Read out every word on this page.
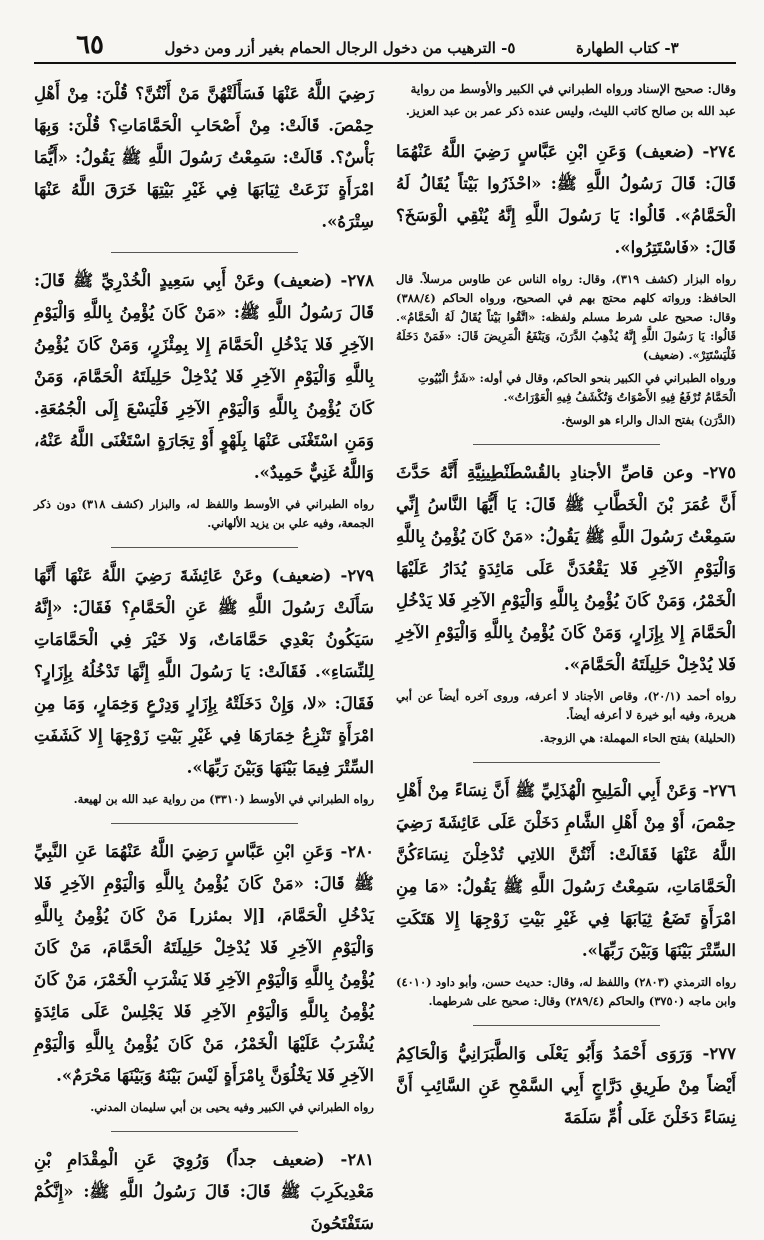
٦٥	٥- الترهيب من دخول الرجال الحمام بغير أزر ومن دخول	٣- كتاب الطهارة

رَضِيَ اللَّهُ عَنْهَا فَسَأَلَتْهُنَّ مَنْ أَنْتُنَّ؟ قُلْنَ: مِنْ أَهْلِ حِمْصَ. قَالَتْ: مِنْ أَصْحَابِ الْحَمَّامَاتِ؟ قُلْنَ: وَبِهَا بَأْسٌ؟. قَالَتْ: سَمِعْتُ رَسُولَ اللَّهِ ﷺ يَقُولُ: «أَيُّمَا امْرَأَةٍ نَزَعَتْ ثِيَابَهَا فِي غَيْرِ بَيْتِهَا خَرَقَ اللَّهُ عَنْهَا سِتْرَهُ».

٢٧٨- (ضعيف) وعَنْ أَبِي سَعِيدٍ الْخُدْرِيِّ ﷺ قَالَ: قَالَ رَسُولُ اللَّهِ ﷺ: «مَنْ كَانَ يُؤْمِنُ بِاللَّهِ وَالْيَوْمِ الآخِرِ فَلا يَدْخُلِ الْحَمَّامَ إِلا بِمِئْزَرٍ، وَمَنْ كَانَ يُؤْمِنُ بِاللَّهِ وَالْيَوْمِ الآخِرِ فَلا يُدْخِلْ حَلِيلَتَهُ الْحَمَّامَ، وَمَنْ كَانَ يُؤْمِنُ بِاللَّهِ وَالْيَوْمِ الآخِرِ فَلْيَسْعَ إِلَى الْجُمُعَةِ. وَمَنِ اسْتَغْنَى عَنْهَا بِلَهْوٍ أَوْ تِجَارَةٍ اسْتَغْنَى اللَّهُ عَنْهُ، وَاللَّهُ غَنِيٌّ حَمِيدٌ».

رواه الطبراني في الأوسط واللفظ له، والبزار (كشف ٣١٨) دون ذكر الجمعة، وفيه علي بن يزيد الألهاني.

٢٧٩- (ضعيف) وعَنْ عَائِشَةَ رَضِيَ اللَّهُ عَنْهَا أَنَّهَا سَأَلَتْ رَسُولَ اللَّهِ ﷺ عَنِ الْحَمَّامِ؟ فَقَالَ: «إِنَّهُ سَيَكُونُ بَعْدِي حَمَّامَاتٌ، وَلا خَيْرَ فِي الْحَمَّامَاتِ لِلنِّسَاءِ». فَقَالَتْ: يَا رَسُولَ اللَّهِ إِنَّهَا تَدْخُلُهُ بِإِزَارٍ؟ فَقَالَ: «لا، وَإِنْ دَخَلَتْهُ بِإِزَارٍ وَدِرْعٍ وَخِمَارٍ، وَمَا مِنِ امْرَأَةٍ تَنْزِعُ خِمَارَهَا فِي غَيْرِ بَيْتِ زَوْجِهَا إِلا كَشَفَتِ السِّتْرَ فِيمَا بَيْنَهَا وَبَيْنَ رَبِّهَا».

رواه الطبراني في الأوسط (٣٣١٠) من رواية عبد الله بن لهيعة.

٢٨٠- وَعَنِ ابْنِ عَبَّاسٍ رَضِيَ اللَّهُ عَنْهُمَا عَنِ النَّبِيِّ ﷺ قَالَ: «مَنْ كَانَ يُؤْمِنُ بِاللَّهِ وَالْيَوْمِ الآخِرِ فَلا يَدْخُلِ الْحَمَّامَ، [إلا بمئزر] مَنْ كَانَ يُؤْمِنُ بِاللَّهِ وَالْيَوْمِ الآخِرِ فَلا يُدْخِلْ حَلِيلَتَهُ الْحَمَّامَ، مَنْ كَانَ يُؤْمِنُ بِاللَّهِ وَالْيَوْمِ الآخِرِ فَلا يَشْرَبِ الْخَمْرَ، مَنْ كَانَ يُؤْمِنُ بِاللَّهِ وَالْيَوْمِ الآخِرِ فَلا يَجْلِسْ عَلَى مَائِدَةٍ يُشْرَبُ عَلَيْهَا الْخَمْرُ، مَنْ كَانَ يُؤْمِنُ بِاللَّهِ وَالْيَوْمِ الآخِرِ فَلا يَخْلُوَنَّ بِامْرَأَةٍ لَيْسَ بَيْنَهُ وَبَيْنَهَا مَحْرَمٌ».

رواه الطبراني في الكبير وفيه يحيى بن أبي سليمان المدني.

٢٨١- (ضعيف جداً) وَرُوِيَ عَنِ الْمِقْدَامِ بْنِ مَعْدِيكَرِبَ ﷺ قَالَ: قَالَ رَسُولُ اللَّهِ ﷺ: «إِنَّكُمْ سَتَفْتَحُونَ

وقال: صحيح الإسناد ورواه الطبراني في الكبير والأوسط من رواية عبد الله بن صالح كاتب الليث، وليس عنده ذكر عمر بن عبد العزيز.

٢٧٤- (ضعيف) وَعَنِ ابْنِ عَبَّاسٍ رَضِيَ اللَّهُ عَنْهُمَا قَالَ: قَالَ رَسُولُ اللَّهِ ﷺ: «احْذَرُوا بَيْتاً يُقَالُ لَهُ الْحَمَّامُ». قَالُوا: يَا رَسُولَ اللَّهِ إِنَّهُ يُنْقِي الْوَسَخَ؟ قَالَ: «فَاسْتَتِرُوا».

رواه البزار (كشف ٣١٩)، وقال: رواه الناس عن طاوس مرسلاً. قال الحافظ: ورواته كلهم محتج بهم في الصحيح، ورواه الحاكم (٣٨٨/٤) وقال: صحيح على شرط مسلم ولفظه: «اتَّقُوا بَيْتاً يُقَالُ لَهُ الْحَمَّامُ». قَالُوا: يَا رَسُولَ اللَّهِ إِنَّهُ يُذْهِبُ الدَّرَنَ، وَيَنْفَعُ الْمَرِيضَ قَالَ: «فَمَنْ دَخَلَهُ فَلْيَسْتَتِرْ». (ضعيف)

ورواه الطبراني في الكبير بنحو الحاكم، وقال في أوله: «شَرُّ الْبُيُوتِ الْحَمَّامُ تُرْفَعُ فِيهِ الأَصْوَاتُ وَتُكْشَفُ فِيهِ الْعَوْرَاتُ».

(الدَّرَن) بفتح الدال والراء هو الوسخ.

٢٧٥- وعن قاصِّ الأجنادِ بالقُسْطَنْطِينِيَّةِ أَنَّهُ حَدَّثَ أَنَّ عُمَرَ بْنَ الْخَطَّابِ ﷺ قَالَ: يَا أَيُّهَا النَّاسُ إِنِّي سَمِعْتُ رَسُولَ اللَّهِ ﷺ يَقُولُ: «مَنْ كَانَ يُؤْمِنُ بِاللَّهِ وَالْيَوْمِ الآخِرِ فَلا يَقْعُدَنَّ عَلَى مَائِدَةٍ يُدَارُ عَلَيْهَا الْخَمْرُ، وَمَنْ كَانَ يُؤْمِنُ بِاللَّهِ وَالْيَوْمِ الآخِرِ فَلا يَدْخُلِ الْحَمَّامَ إِلا بِإِزَارٍ، وَمَنْ كَانَ يُؤْمِنُ بِاللَّهِ وَالْيَوْمِ الآخِرِ فَلا يُدْخِلْ حَلِيلَتَهُ الْحَمَّامَ».

رواه أحمد (٢٠/١)، وقاص الأجناد لا أعرفه، وروى آخره أيضاً عن أبي هريرة، وفيه أبو خيرة لا أعرفه أيضاً.

(الحليلة) بفتح الحاء المهملة: هي الزوجة.

٢٧٦- وَعَنْ أَبِي الْمَلِيحِ الْهُذَلِيِّ ﷺ أَنَّ نِسَاءً مِنْ أَهْلِ حِمْصَ، أَوْ مِنْ أَهْلِ الشَّامِ دَخَلْنَ عَلَى عَائِشَةَ رَضِيَ اللَّهُ عَنْهَا فَقَالَتْ: أَنْتُنَّ اللاتِي تُدْخِلْنَ نِسَاءَكُنَّ الْحَمَّامَاتِ، سَمِعْتُ رَسُولَ اللَّهِ ﷺ يَقُولُ: «مَا مِنِ امْرَأَةٍ تَضَعُ ثِيَابَهَا فِي غَيْرِ بَيْتِ زَوْجِهَا إِلا هَتَكَتِ السِّتْرَ بَيْنَهَا وَبَيْنَ رَبِّهَا».

رواه الترمذي (٢٨٠٣) واللفظ له، وقال: حديث حسن، وأبو داود (٤٠١٠) وابن ماجه (٣٧٥٠) والحاكم (٢٨٩/٤) وقال: صحيح على شرطهما.

٢٧٧- وَرَوَى أَحْمَدُ وَأَبُو يَعْلَى وَالطَّبَرَانِيُّ وَالْحَاكِمُ أَيْضاً مِنْ طَرِيقِ دَرَّاجٍ أَبِي السَّمْحِ عَنِ السَّائِبِ أَنَّ نِسَاءً دَخَلْنَ عَلَى أُمِّ سَلَمَةَ
